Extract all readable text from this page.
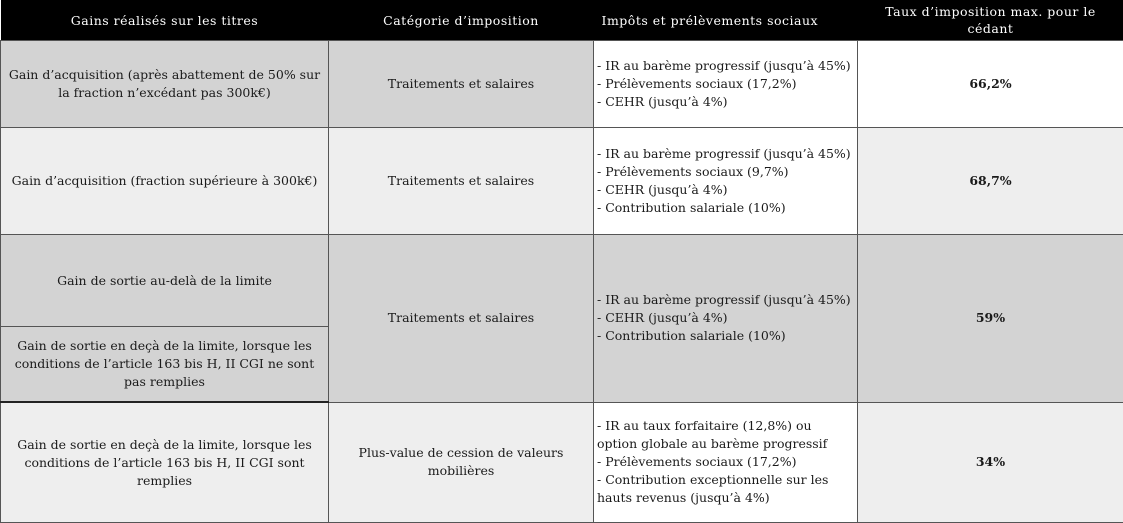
Gains réalisés sur les titres	Catégorie d’imposition	Impôts et prélèvements sociaux	Taux d’imposition max. pour le cédant
Gain d’acquisition (après abattement de 50% sur la fraction n’excédant pas 300k€)	Traitements et salaires	- IR au barème progressif (jusqu’à 45%)
- Prélèvements sociaux (17,2%)
- CEHR (jusqu’à 4%)	66,2%
Gain d’acquisition (fraction supérieure à 300k€)	Traitements et salaires	- IR au barème progressif (jusqu’à 45%)
- Prélèvements sociaux (9,7%)
- CEHR (jusqu’à 4%)
- Contribution salariale (10%)	68,7%
Gain de sortie au-delà de la limite	Traitements et salaires	- IR au barème progressif (jusqu’à 45%)
- CEHR (jusqu’à 4%)
- Contribution salariale (10%)	59%
Gain de sortie en deçà de la limite, lorsque les conditions de l’article 163 bis H, II CGI ne sont pas remplies			
Gain de sortie en deçà de la limite, lorsque les conditions de l’article 163 bis H, II CGI sont remplies	Plus-value de cession de valeurs mobilières	- IR au taux forfaitaire (12,8%) ou option globale au barème progressif
- Prélèvements sociaux (17,2%)
- Contribution exceptionnelle sur les hauts revenus (jusqu’à 4%)	34%
